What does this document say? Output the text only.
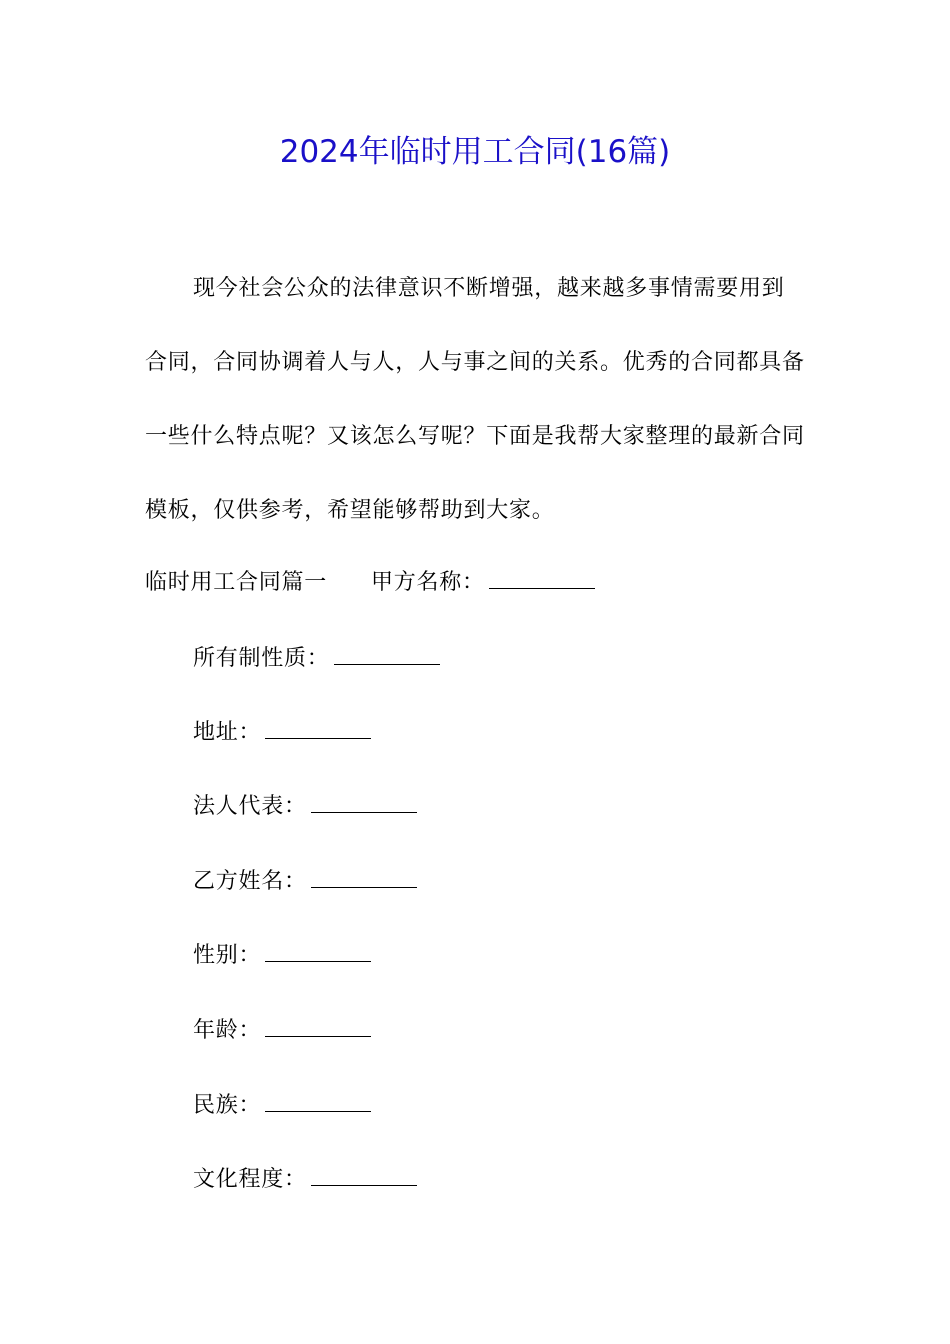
2024年临时用工合同(16篇)

现今社会公众的法律意识不断增强，越来越多事情需要用到合同，合同协调着人与人，人与事之间的关系。优秀的合同都具备一些什么特点呢？又该怎么写呢？下面是我帮大家整理的最新合同模板，仅供参考，希望能够帮助到大家。

临时用工合同篇一 甲方名称：
所有制性质：
地址：
法人代表：
乙方姓名：
性别：
年龄：
民族：
文化程度：
